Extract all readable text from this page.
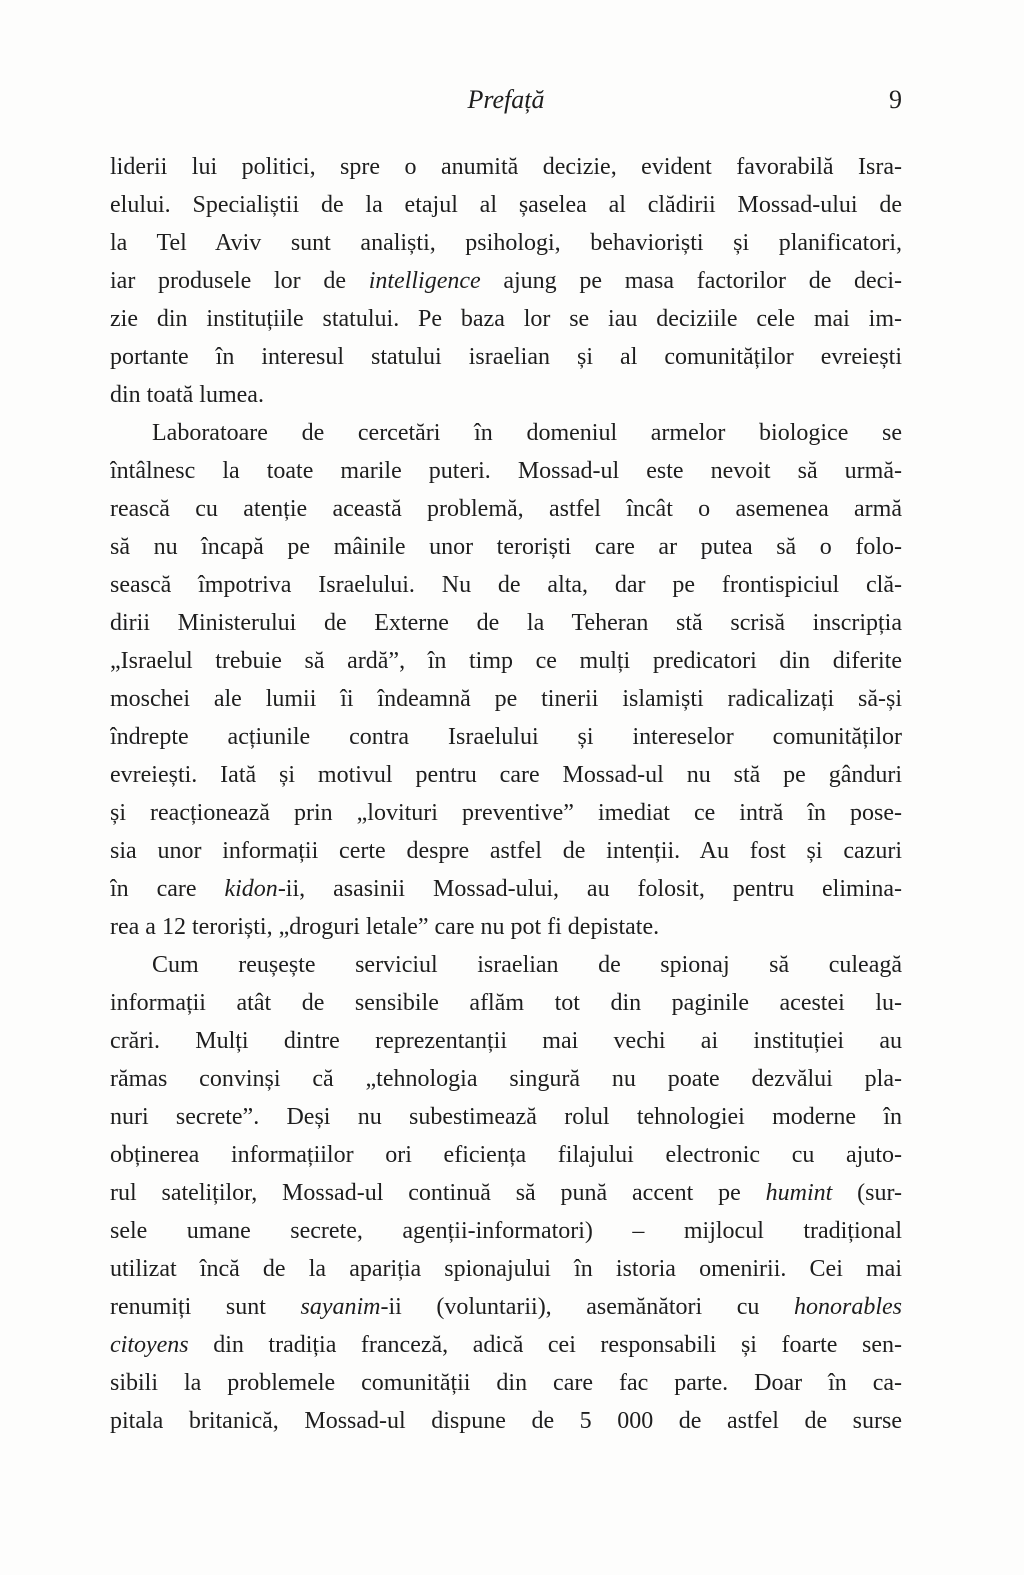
Prefață	9
liderii lui politici, spre o anumită decizie, evident favorabilă Isra-
elului. Specialiștii de la etajul al șaselea al clădirii Mossad-ului de
la Tel Aviv sunt analiști, psihologi, behavioriști și planificatori,
iar produsele lor de intelligence ajung pe masa factorilor de deci-
zie din instituțiile statului. Pe baza lor se iau deciziile cele mai im-
portante în interesul statului israelian și al comunităților evreiești
din toată lumea.
Laboratoare de cercetări în domeniul armelor biologice se
întâlnesc la toate marile puteri. Mossad-ul este nevoit să urmă-
rească cu atenție această problemă, astfel încât o asemenea armă
să nu încapă pe mâinile unor teroriști care ar putea să o folo-
sească împotriva Israelului. Nu de alta, dar pe frontispiciul clă-
dirii Ministerului de Externe de la Teheran stă scrisă inscripția
„Israelul trebuie să ardă”, în timp ce mulți predicatori din diferite
moschei ale lumii îi îndeamnă pe tinerii islamiști radicalizați să-și
îndrepte acțiunile contra Israelului și intereselor comunităților
evreiești. Iată și motivul pentru care Mossad-ul nu stă pe gânduri
și reacționează prin „lovituri preventive” imediat ce intră în pose-
sia unor informații certe despre astfel de intenții. Au fost și cazuri
în care kidon-ii, asasinii Mossad-ului, au folosit, pentru elimina-
rea a 12 teroriști, „droguri letale” care nu pot fi depistate.
Cum reușește serviciul israelian de spionaj să culeagă
informații atât de sensibile aflăm tot din paginile acestei lu-
crări. Mulți dintre reprezentanții mai vechi ai instituției au
rămas convinși că „tehnologia singură nu poate dezvălui pla-
nuri secrete”. Deși nu subestimează rolul tehnologiei moderne în
obținerea informațiilor ori eficiența filajului electronic cu ajuto-
rul sateliților, Mossad-ul continuă să pună accent pe humint (sur-
sele umane secrete, agenții-informatori) – mijlocul tradițional
utilizat încă de la apariția spionajului în istoria omenirii. Cei mai
renumiți sunt sayanim-ii (voluntarii), asemănători cu honorables
citoyens din tradiția franceză, adică cei responsabili și foarte sen-
sibili la problemele comunității din care fac parte. Doar în ca-
pitala britanică, Mossad-ul dispune de 5 000 de astfel de surse
